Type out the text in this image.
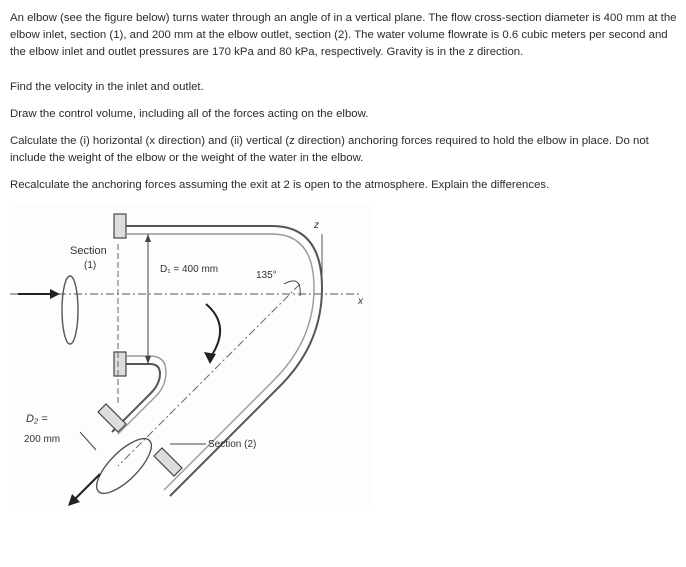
An elbow (see the figure below) turns water through an angle of in a vertical plane. The flow cross-section diameter is 400 mm at the elbow inlet, section (1), and 200 mm at the elbow outlet, section (2). The water volume flowrate is 0.6 cubic meters per second and the elbow inlet and outlet pressures are 170 kPa and 80 kPa, respectively. Gravity is in the z direction.

Find the velocity in the inlet and outlet.

Draw the control volume, including all of the forces acting on the elbow.

Calculate the (i) horizontal (x direction) and (ii) vertical (z direction) anchoring forces required to hold the elbow in place. Do not include the weight of the elbow or the weight of the water in the elbow.

Recalculate the anchoring forces assuming the exit at 2 is open to the atmosphere. Explain the differences.

Section
(1)	D₁ = 400 mm
135°
z
x
D₂ =
200 mm	Section (2)
